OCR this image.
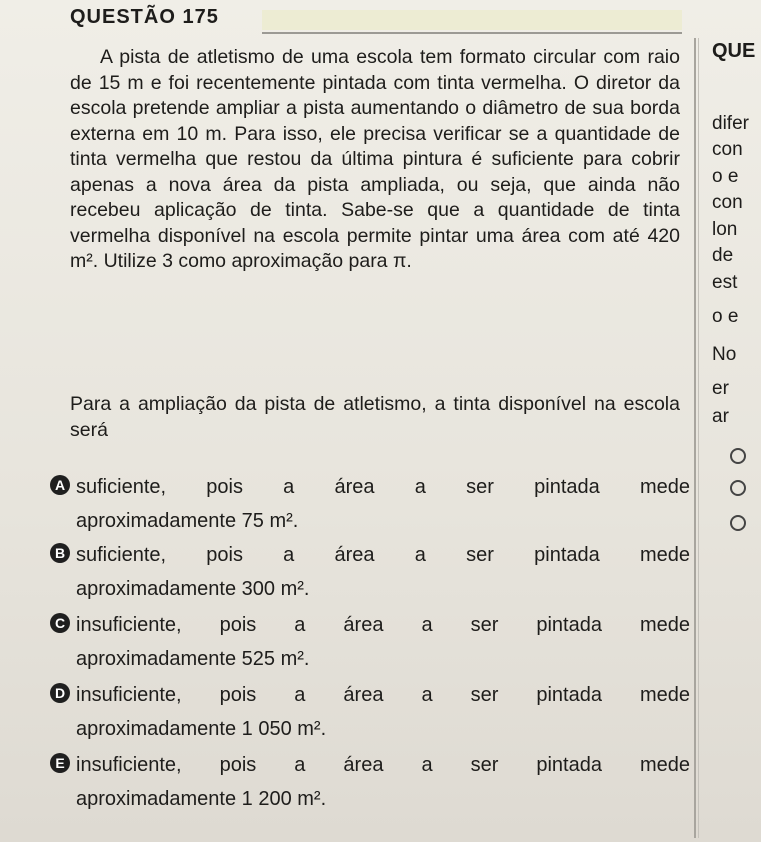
QUESTÃO 175
QUE
difer
con
o e
con
lon
de
est
o e
No
er
ar

A pista de atletismo de uma escola tem formato circular com raio de 15 m e foi recentemente pintada com tinta vermelha. O diretor da escola pretende ampliar a pista aumentando o diâmetro de sua borda externa em 10 m. Para isso, ele precisa verificar se a quantidade de tinta vermelha que restou da última pintura é suficiente para cobrir apenas a nova área da pista ampliada, ou seja, que ainda não recebeu aplicação de tinta. Sabe-se que a quantidade de tinta vermelha disponível na escola permite pintar uma área com até 420 m². Utilize 3 como aproximação para π.

Para a ampliação da pista de atletismo, a tinta disponível na escola será

A suficiente, pois a área a ser pintada mede
aproximadamente 75 m².
B suficiente, pois a área a ser pintada mede
aproximadamente 300 m².
C insuficiente, pois a área a ser pintada mede
aproximadamente 525 m².
D insuficiente, pois a área a ser pintada mede
aproximadamente 1 050 m².
E insuficiente, pois a área a ser pintada mede
aproximadamente 1 200 m².
